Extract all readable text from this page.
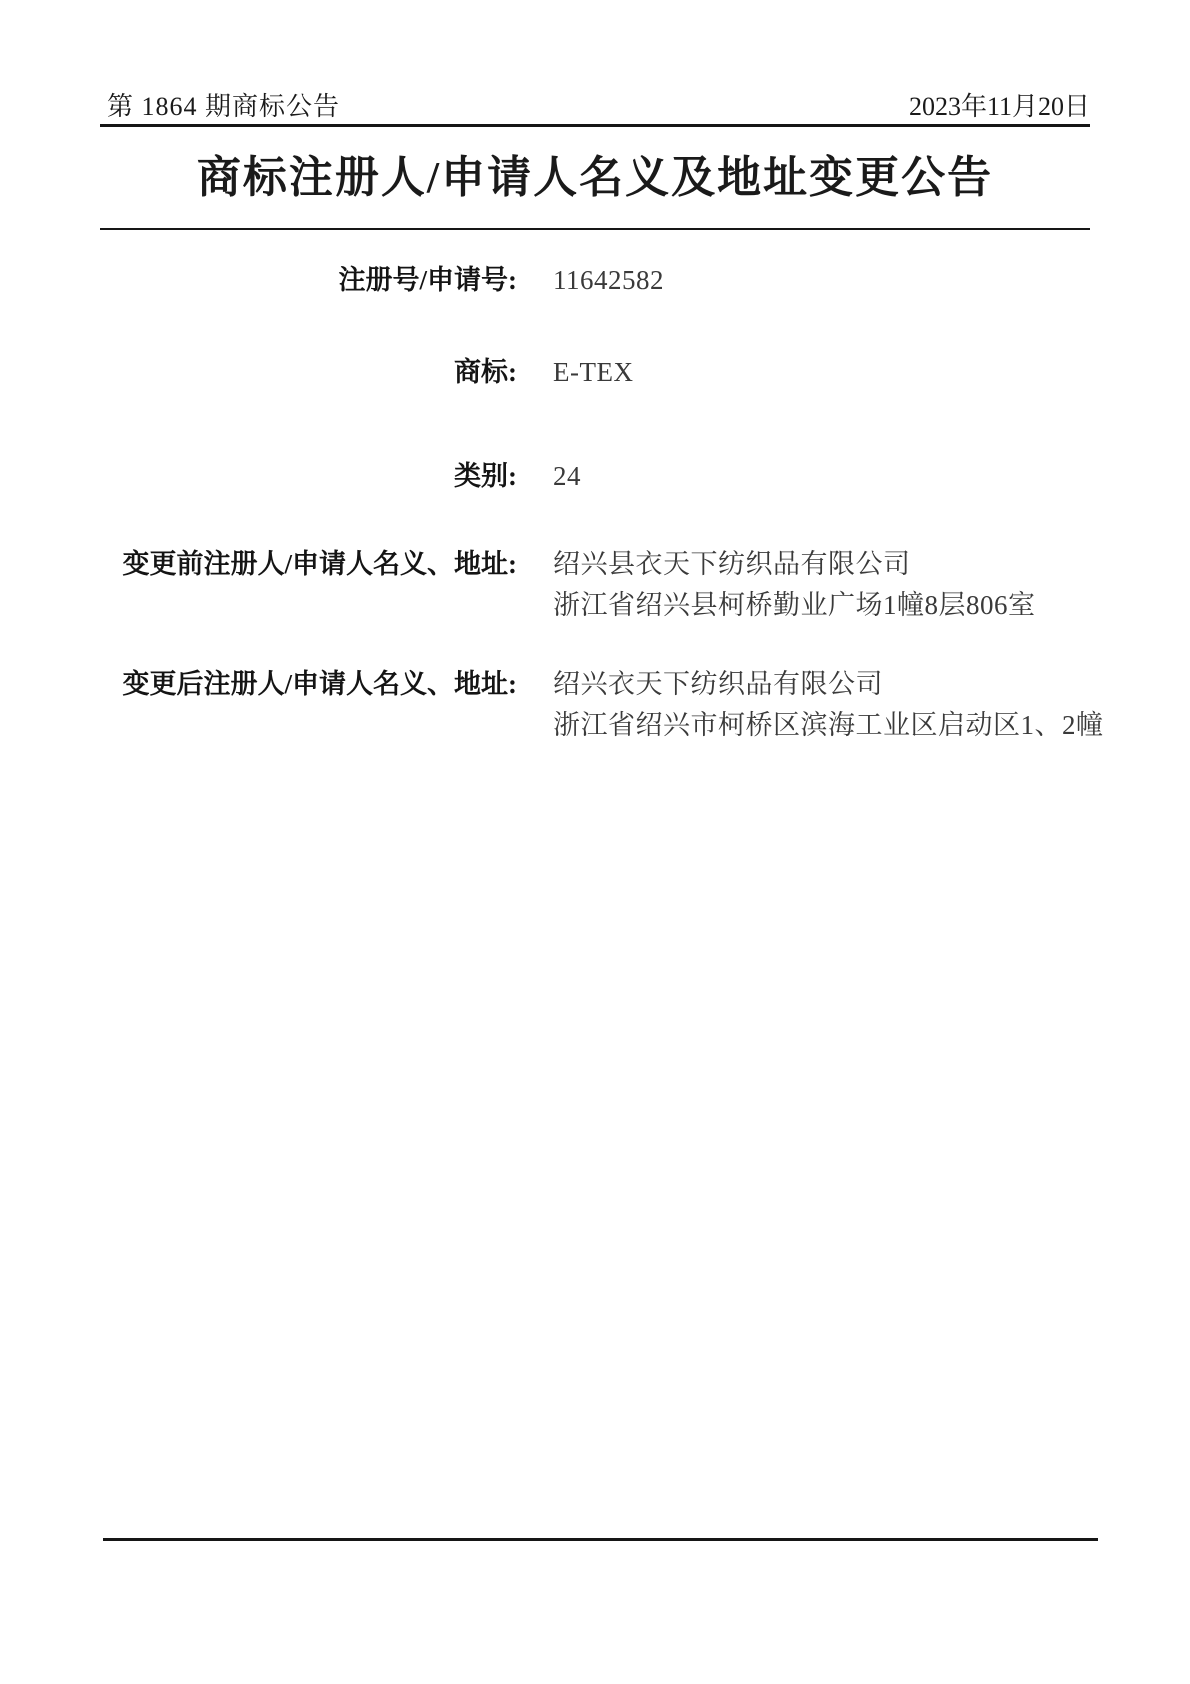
第 1864 期商标公告	2023年11月20日
商标注册人/申请人名义及地址变更公告
注册号/申请号: 11642582
商标: E-TEX
类别: 24
变更前注册人/申请人名义、地址: 绍兴县衣天下纺织品有限公司
浙江省绍兴县柯桥勤业广场1幢8层806室
变更后注册人/申请人名义、地址: 绍兴衣天下纺织品有限公司
浙江省绍兴市柯桥区滨海工业区启动区1、2幢
